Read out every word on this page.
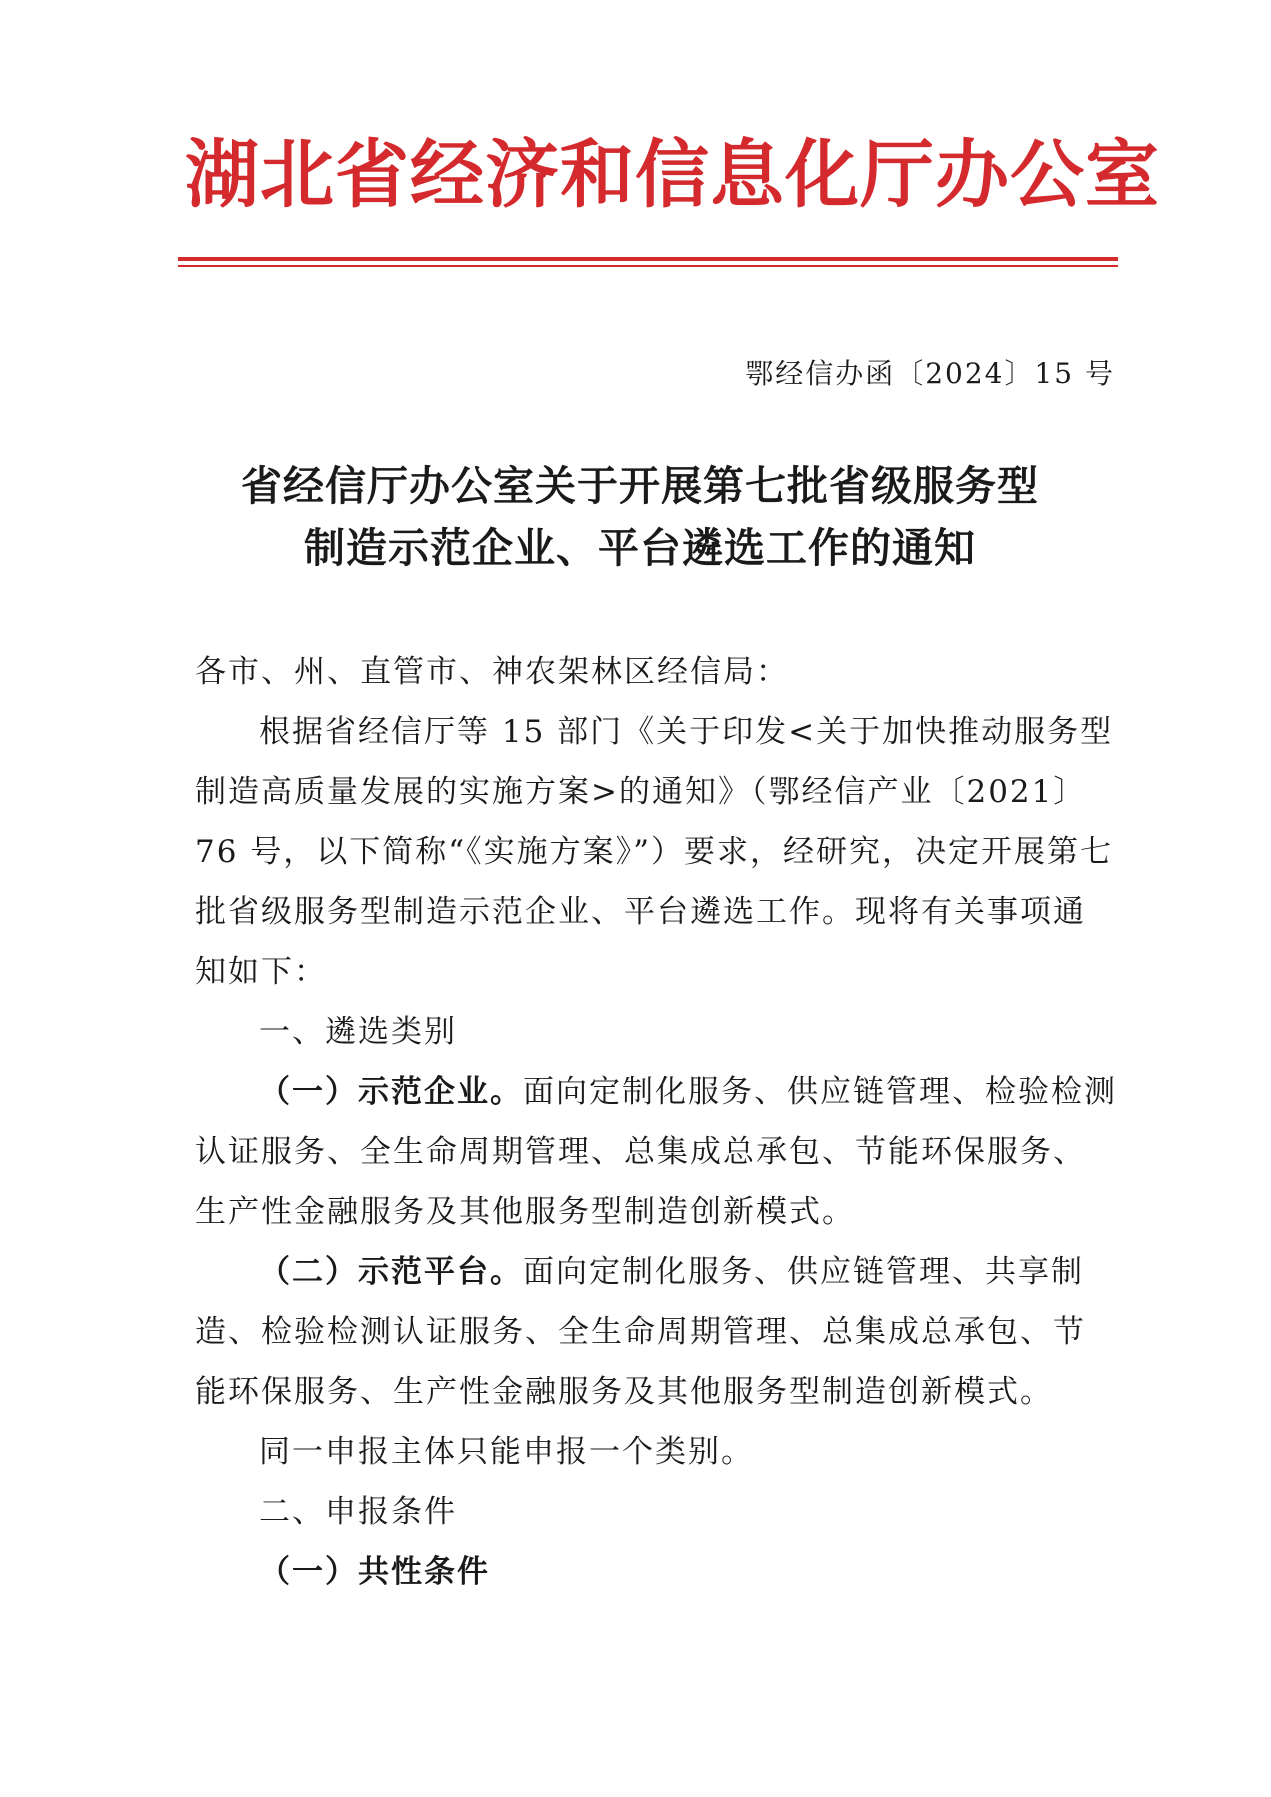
湖北省经济和信息化厅办公室
鄂经信办函〔2024〕15 号
省经信厅办公室关于开展第七批省级服务型
制造示范企业、平台遴选工作的通知

各市、州、直管市、神农架林区经信局：

根据省经信厅等 15 部门《关于印发<关于加快推动服务型制造高质量发展的实施方案>的通知》（鄂经信产业〔2021〕76 号，以下简称“《实施方案》”）要求，经研究，决定开展第七批省级服务型制造示范企业、平台遴选工作。现将有关事项通知如下：

一、遴选类别

（一）示范企业。面向定制化服务、供应链管理、检验检测认证服务、全生命周期管理、总集成总承包、节能环保服务、生产性金融服务及其他服务型制造创新模式。

（二）示范平台。面向定制化服务、供应链管理、共享制造、检验检测认证服务、全生命周期管理、总集成总承包、节能环保服务、生产性金融服务及其他服务型制造创新模式。

同一申报主体只能申报一个类别。

二、申报条件

（一）共性条件
